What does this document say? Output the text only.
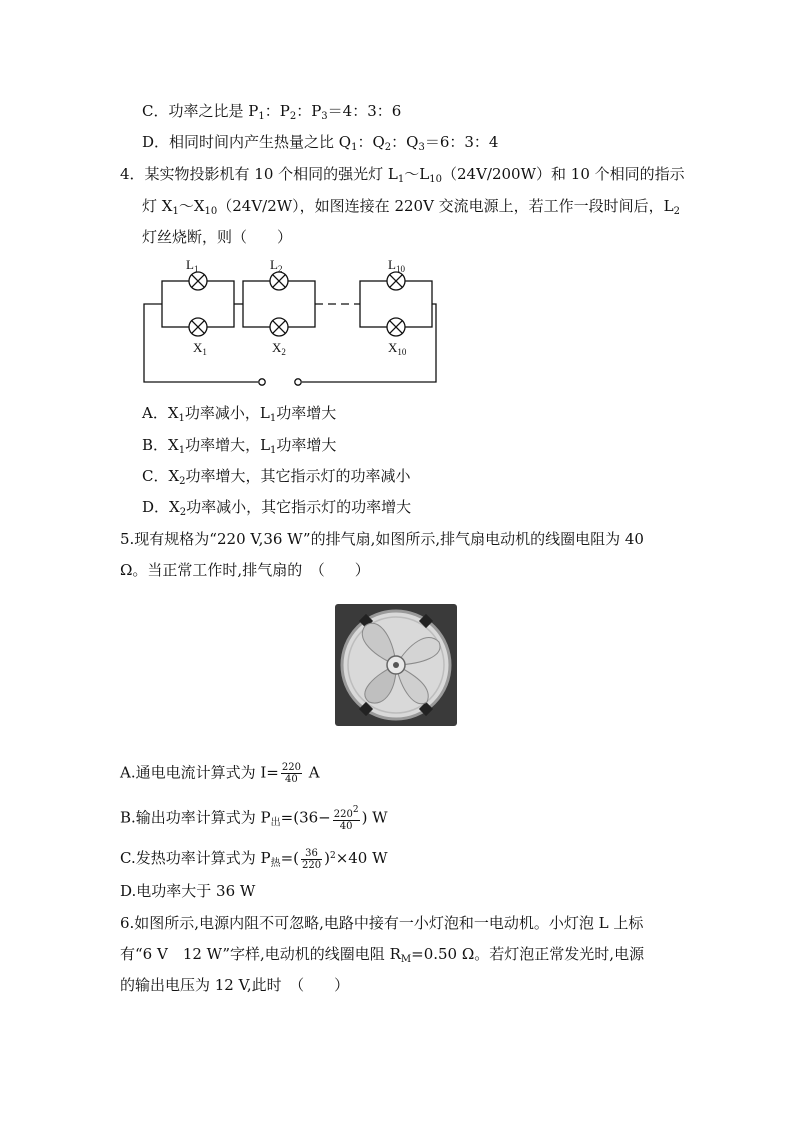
C．功率之比是 $P_1$：$P_2$：$P_3=4$：3：6
D．相同时间内产生热量之比 $Q_1$：$Q_2$：$Q_3=6$：3：4
4．某实物投影机有 10 个相同的强光灯 $L_1\sim L_{10}(24V/200W)$和 10 个相同的指示
灯 $X_1\sim X_{10}(24V/2W)$，如图连接在 220V 交流电源上，若工作一段时间后，$L_2$
灯丝烧断，则（　　）
$L_1$	$L_2$	$L_{10}$
$X_1$	$X_2$	$X_{10}$
A．$X_1$功率减小，$L_1$功率增大
B．$X_1$功率增大，$L_1$功率增大
C．$X_2$功率增大，其它指示灯的功率减小
D．$X_2$功率减小，其它指示灯的功率增大
5.现有规格为“220 V,36 W”的排气扇,如图所示,排气扇电动机的线圈电阻为 40
Ω。当正常工作时,排气扇的　（　　）
A.通电电流计算式为 $I= \frac{220}{40}$ A
B.输出功率计算式为 $P_出=(36- \frac{220^2}{40}$ ) W
C.发热功率计算式为 $P_热=( \frac{36}{220} )^2\times 40$ W
D.电功率大于 36 W
6.如图所示,电源内阻不可忽略,电路中接有一小灯泡和一电动机。小灯泡 L 上标
有“6 V　12 W”字样,电动机的线圈电阻 $R_M=0.50$ Ω。若灯泡正常发光时,电源
的输出电压为 12 V,此时　（　　）
